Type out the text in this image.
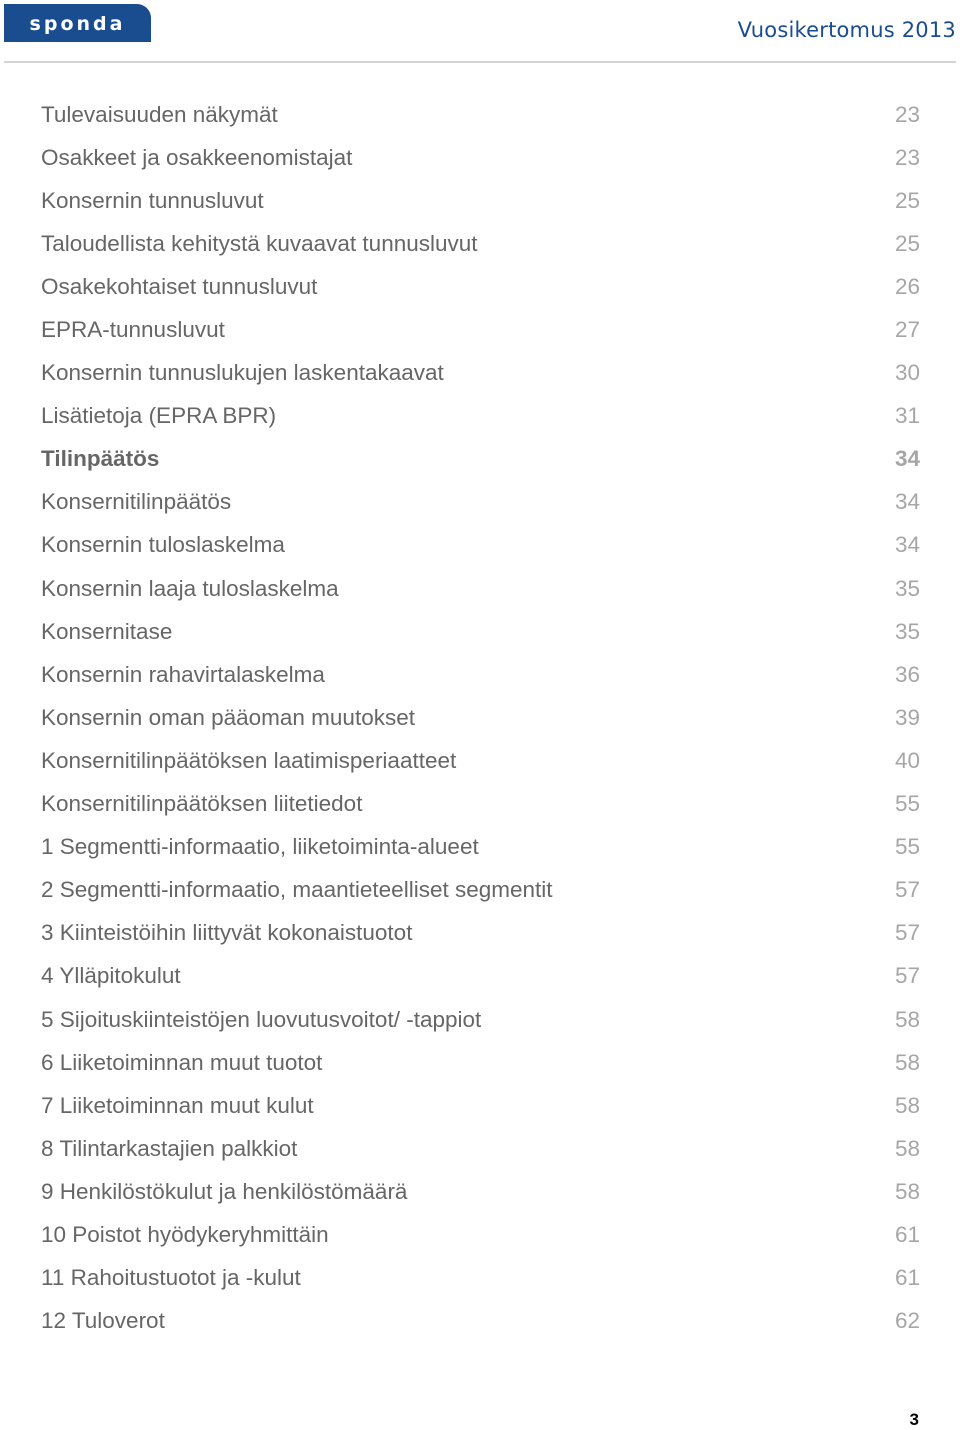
sponda	Vuosikertomus 2013
Tulevaisuuden näkymät	23
Osakkeet ja osakkeenomistajat	23
Konsernin tunnusluvut	25
Taloudellista kehitystä kuvaavat tunnusluvut	25
Osakekohtaiset tunnusluvut	26
EPRA-tunnusluvut	27
Konsernin tunnuslukujen laskentakaavat	30
Lisätietoja (EPRA BPR)	31
Tilinpäätös	34
Konsernitilinpäätös	34
Konsernin tuloslaskelma	34
Konsernin laaja tuloslaskelma	35
Konsernitase	35
Konsernin rahavirtalaskelma	36
Konsernin oman pääoman muutokset	39
Konsernitilinpäätöksen laatimisperiaatteet	40
Konsernitilinpäätöksen liitetiedot	55
1 Segmentti-informaatio, liiketoiminta-alueet	55
2 Segmentti-informaatio, maantieteelliset segmentit	57
3 Kiinteistöihin liittyvät kokonaistuotot	57
4 Ylläpitokulut	57
5 Sijoituskiinteistöjen luovutusvoitot/ -tappiot	58
6 Liiketoiminnan muut tuotot	58
7 Liiketoiminnan muut kulut	58
8 Tilintarkastajien palkkiot	58
9 Henkilöstökulut ja henkilöstömäärä	58
10 Poistot hyödykeryhmittäin	61
11 Rahoitustuotot ja -kulut	61
12 Tuloverot	62
3
